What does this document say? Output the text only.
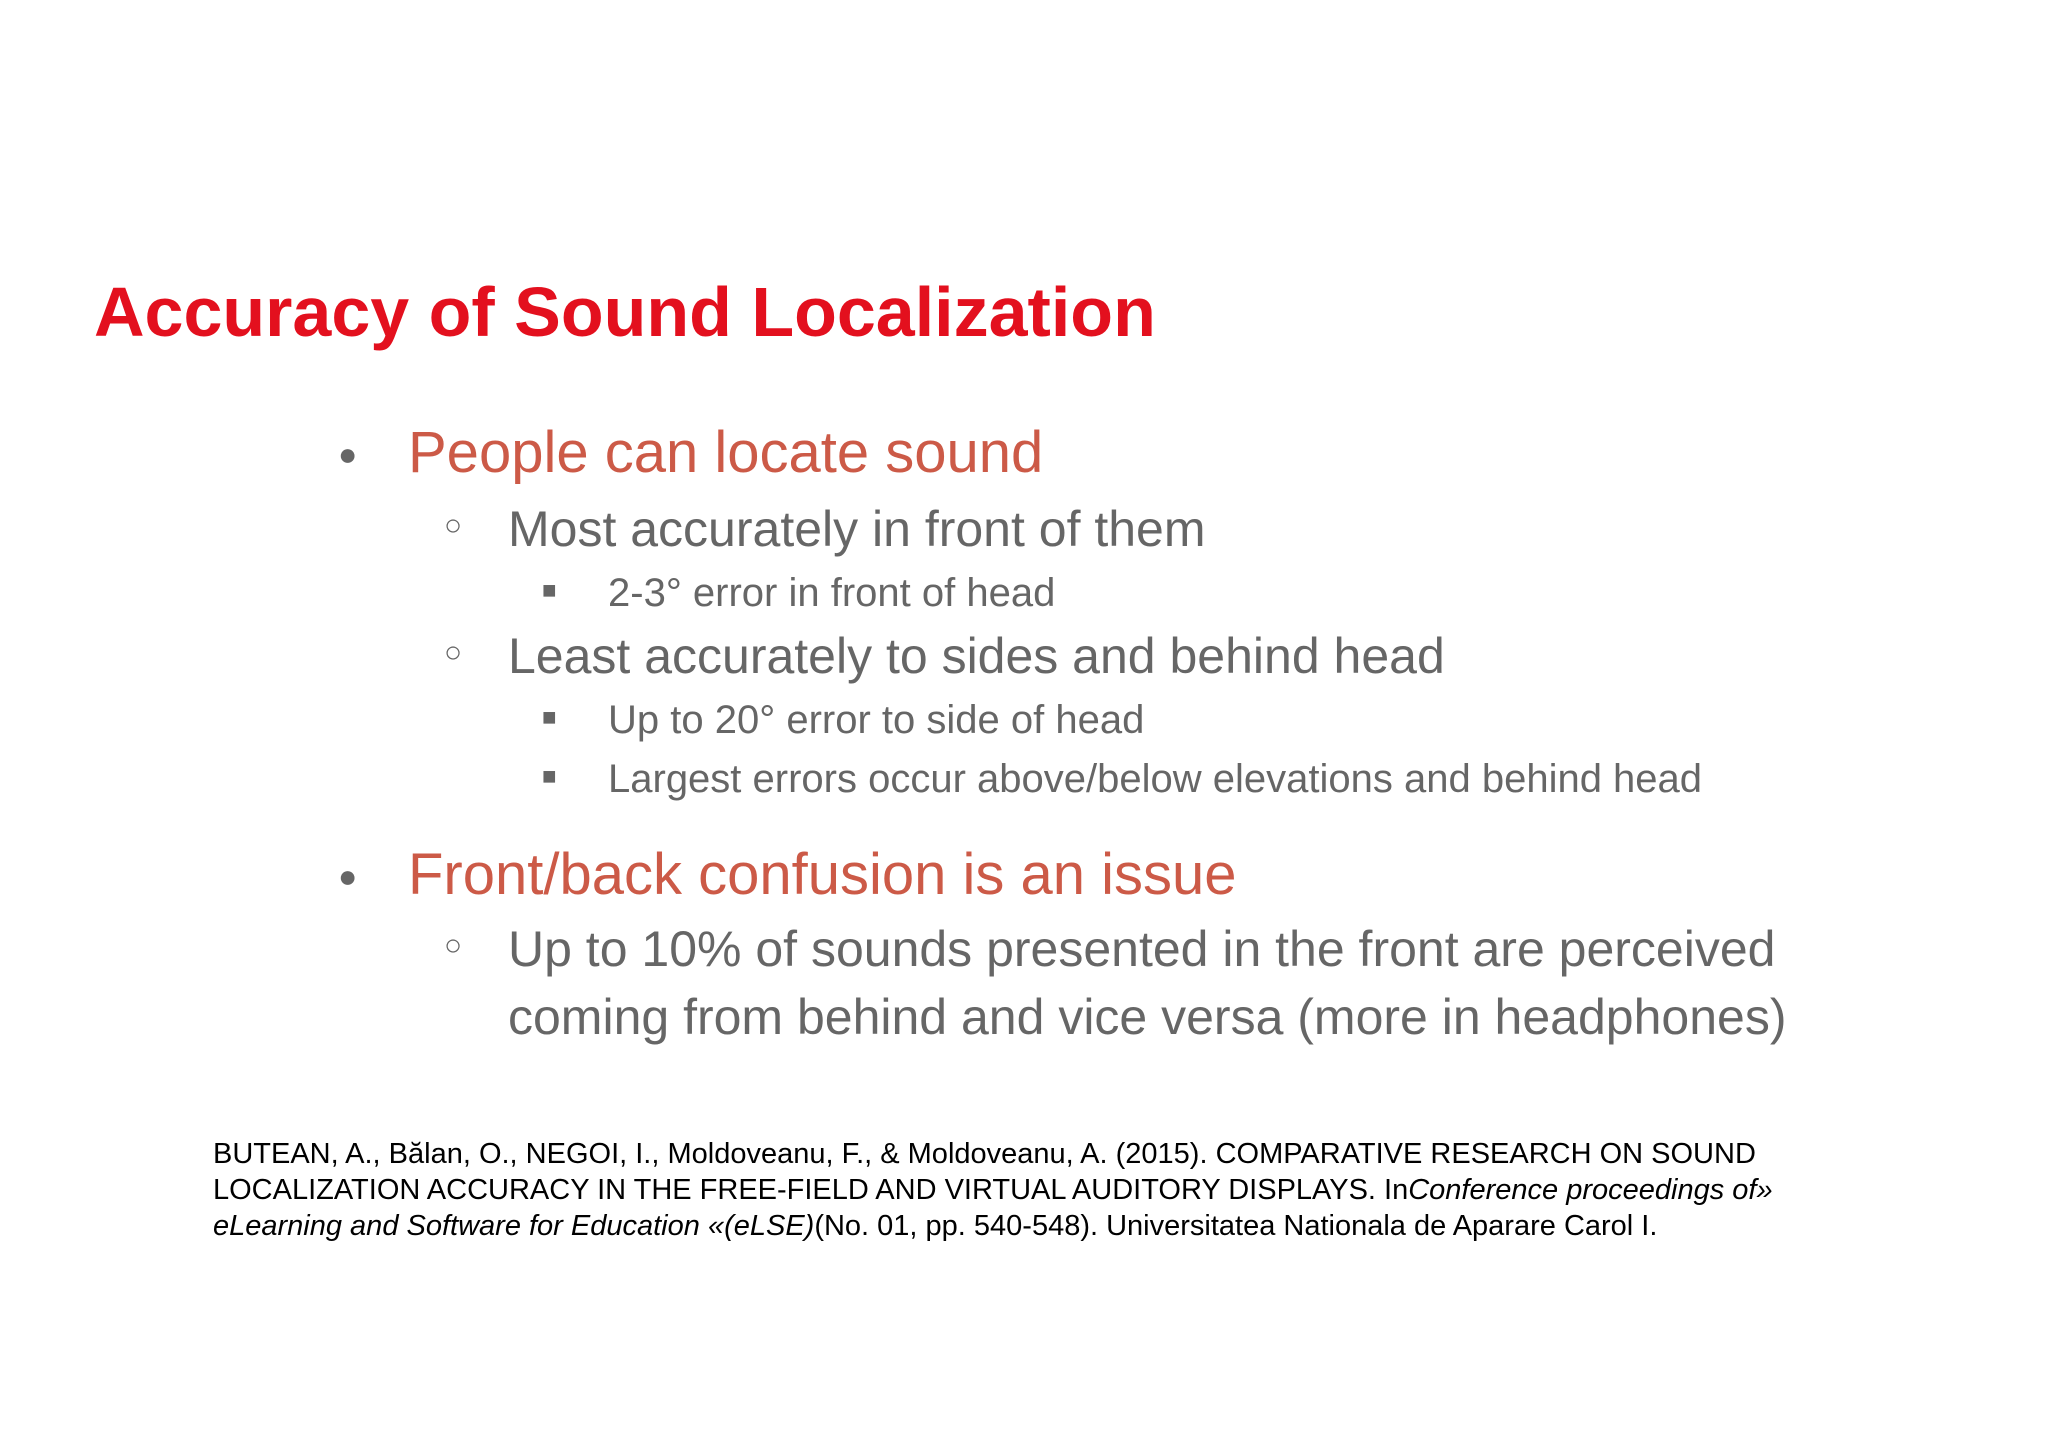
Accuracy of Sound Localization
● People can locate sound
○ Most accurately in front of them
■ 2-3° error in front of head
○ Least accurately to sides and behind head
■ Up to 20° error to side of head
■ Largest errors occur above/below elevations and behind head
● Front/back confusion is an issue
○ Up to 10% of sounds presented in the front are perceived
coming from behind and vice versa (more in headphones)

BUTEAN, A., Bălan, O., NEGOI, I., Moldoveanu, F., & Moldoveanu, A. (2015). COMPARATIVE RESEARCH ON SOUND LOCALIZATION ACCURACY IN THE FREE-FIELD AND VIRTUAL AUDITORY DISPLAYS. InConference proceedings of» eLearning and Software for Education «(eLSE)(No. 01, pp. 540-548). Universitatea Nationala de Aparare Carol I.
